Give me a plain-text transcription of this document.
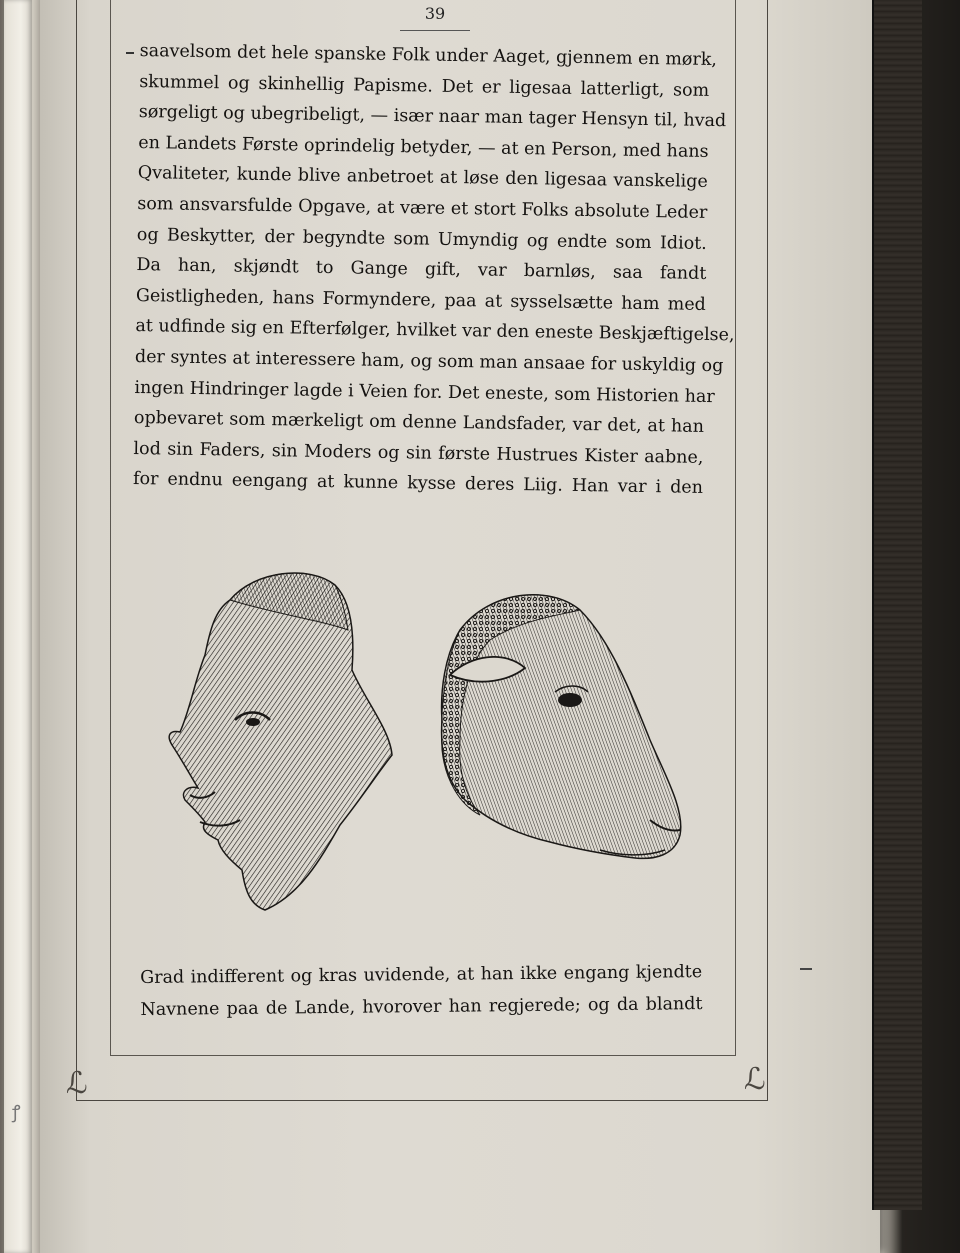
ꝭ
39
saavelsom det hele spanske Folk under Aaget, gjennem en mørk,
skummel og skinhellig Papisme. Det er ligesaa latterligt, som
sørgeligt og ubegribeligt, — især naar man tager Hensyn til, hvad
en Landets Første oprindelig betyder, — at en Person, med hans
Qvaliteter, kunde blive anbetroet at løse den ligesaa vanskelige
som ansvarsfulde Opgave, at være et stort Folks absolute Leder
og Beskytter, der begyndte som Umyndig og endte som Idiot.
Da han, skjøndt to Gange gift, var barnløs, saa fandt
Geistligheden, hans Formyndere, paa at sysselsætte ham med
at udfinde sig en Efterfølger, hvilket var den eneste Beskjæftigelse,
der syntes at interessere ham, og som man ansaae for uskyldig og
ingen Hindringer lagde i Veien for. Det eneste, som Historien har
opbevaret som mærkeligt om denne Landsfader, var det, at han
lod sin Faders, sin Moders og sin første Hustrues Kister aabne,
for endnu eengang at kunne kysse deres Liig. Han var i den
Grad indifferent og kras uvidende, at han ikke engang kjendte
Navnene paa de Lande, hvorover han regjerede; og da blandt
ℒ	ℒ
